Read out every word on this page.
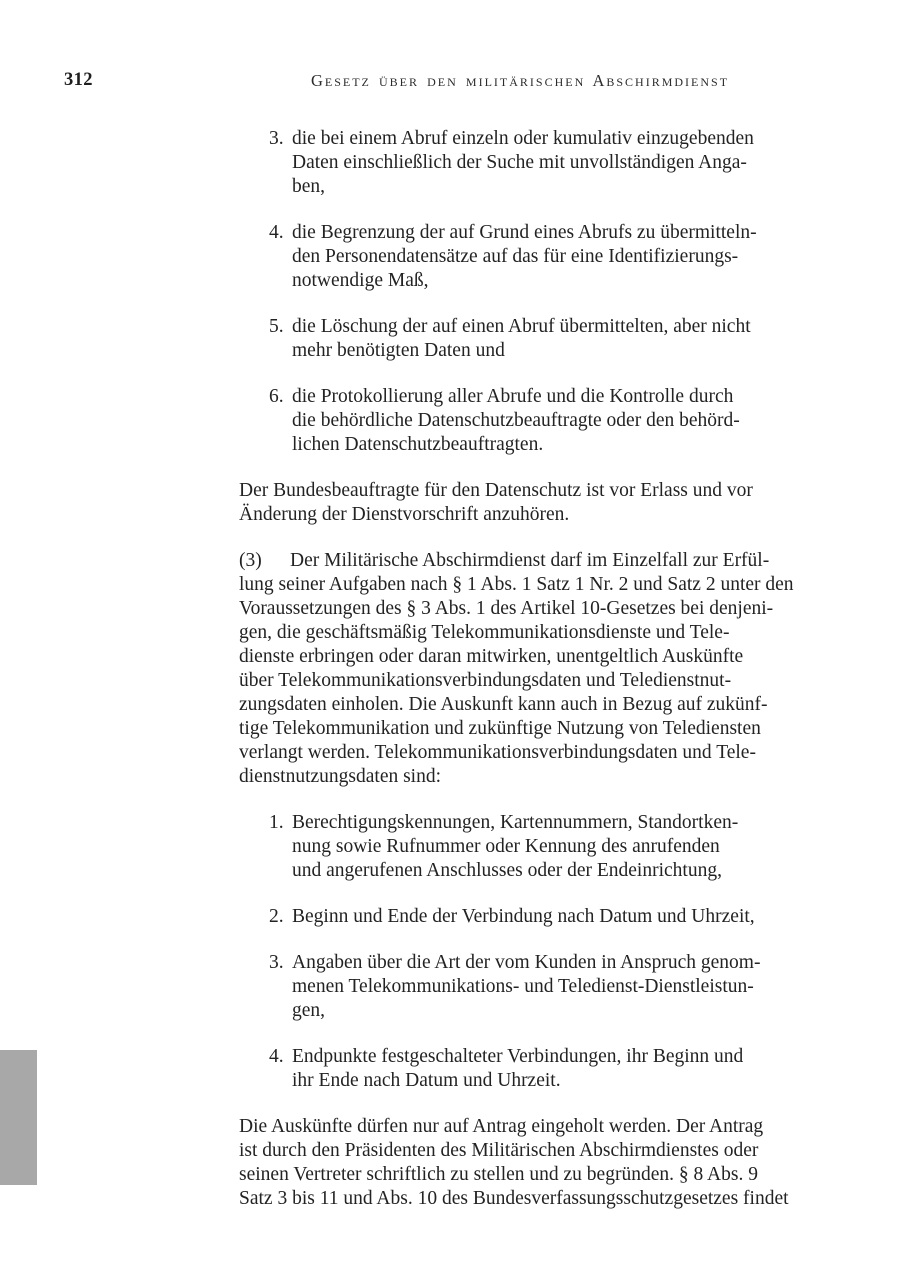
312	Gesetz über den militärischen Abschirmdienst
3. die bei einem Abruf einzeln oder kumulativ einzugebenden
Daten einschließlich der Suche mit unvollständigen Anga-
ben,
4. die Begrenzung der auf Grund eines Abrufs zu übermitteln-
den Personendatensätze auf das für eine Identifizierungs-
notwendige Maß,
5. die Löschung der auf einen Abruf übermittelten, aber nicht
mehr benötigten Daten und
6. die Protokollierung aller Abrufe und die Kontrolle durch
die behördliche Datenschutzbeauftragte oder den behörd-
lichen Datenschutzbeauftragten.
Der Bundesbeauftragte für den Datenschutz ist vor Erlass und vor
Änderung der Dienstvorschrift anzuhören.
(3) Der Militärische Abschirmdienst darf im Einzelfall zur Erfül-
lung seiner Aufgaben nach § 1 Abs. 1 Satz 1 Nr. 2 und Satz 2 unter den
Voraussetzungen des § 3 Abs. 1 des Artikel 10-Gesetzes bei denjeni-
gen, die geschäftsmäßig Telekommunikationsdienste und Tele-
dienste erbringen oder daran mitwirken, unentgeltlich Auskünfte
über Telekommunikationsverbindungsdaten und Teledienstnut-
zungsdaten einholen. Die Auskunft kann auch in Bezug auf zukünf-
tige Telekommunikation und zukünftige Nutzung von Telediensten
verlangt werden. Telekommunikationsverbindungsdaten und Tele-
dienstnutzungsdaten sind:
1. Berechtigungskennungen, Kartennummern, Standortken-
nung sowie Rufnummer oder Kennung des anrufenden
und angerufenen Anschlusses oder der Endeinrichtung,
2. Beginn und Ende der Verbindung nach Datum und Uhrzeit,
3. Angaben über die Art der vom Kunden in Anspruch genom-
menen Telekommunikations- und Teledienst-Dienstleistun-
gen,
4. Endpunkte festgeschalteter Verbindungen, ihr Beginn und
ihr Ende nach Datum und Uhrzeit.
Die Auskünfte dürfen nur auf Antrag eingeholt werden. Der Antrag
ist durch den Präsidenten des Militärischen Abschirmdienstes oder
seinen Vertreter schriftlich zu stellen und zu begründen. § 8 Abs. 9
Satz 3 bis 11 und Abs. 10 des Bundesverfassungsschutzgesetzes findet
